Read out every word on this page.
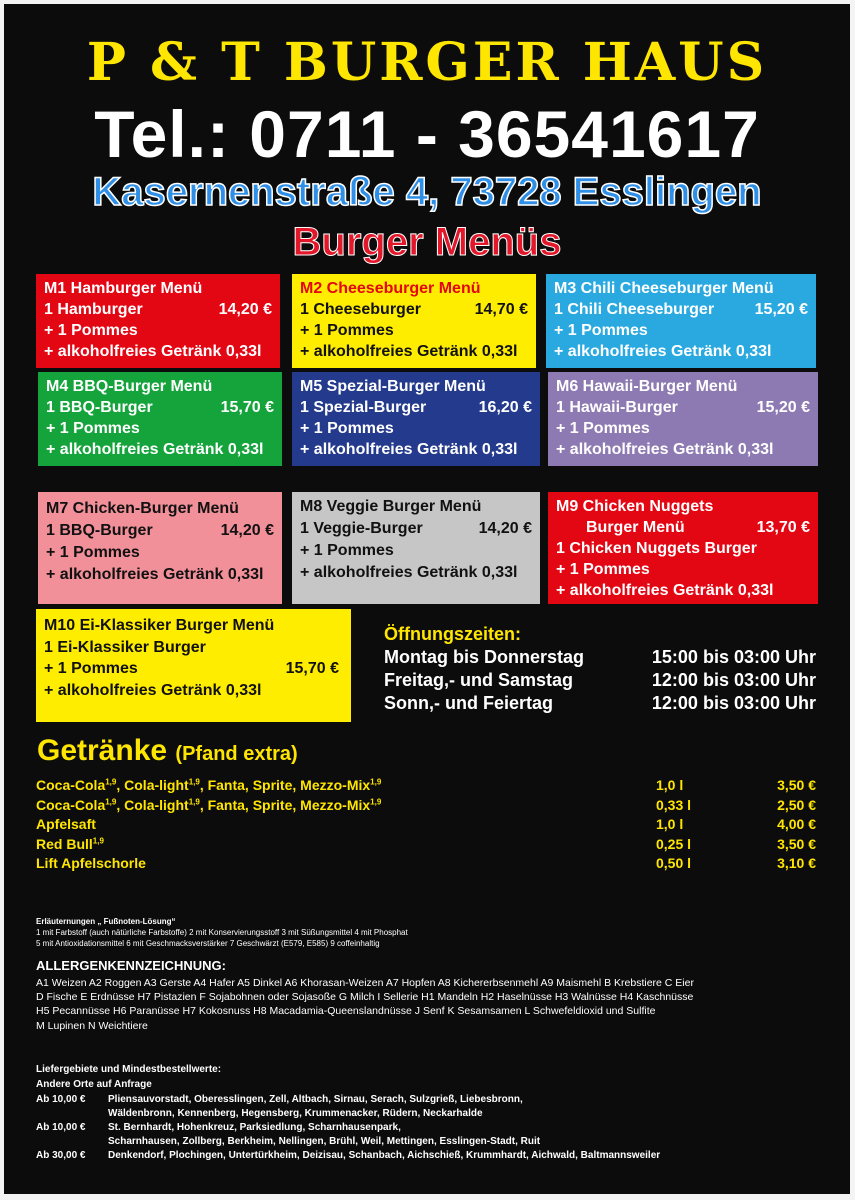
P & T BURGER HAUS
Tel.: 0711 - 36541617
Kasernenstraße 4, 73728 Esslingen
Burger Menüs
M1 Hamburger Menü
1 Hamburger	14,20 €
+ 1 Pommes
+ alkoholfreies Getränk 0,33l
M2 Cheeseburger Menü
1 Cheeseburger	14,70 €
+ 1 Pommes
+ alkoholfreies Getränk 0,33l
M3 Chili Cheeseburger Menü
1 Chili Cheeseburger	15,20 €
+ 1 Pommes
+ alkoholfreies Getränk 0,33l
M4 BBQ-Burger Menü
1 BBQ-Burger	15,70 €
+ 1 Pommes
+ alkoholfreies Getränk 0,33l
M5 Spezial-Burger Menü
1 Spezial-Burger	16,20 €
+ 1 Pommes
+ alkoholfreies Getränk 0,33l
M6 Hawaii-Burger Menü
1 Hawaii-Burger	15,20 €
+ 1 Pommes
+ alkoholfreies Getränk 0,33l
M7 Chicken-Burger Menü
1 BBQ-Burger	14,20 €
+ 1 Pommes
+ alkoholfreies Getränk 0,33l
M8 Veggie Burger Menü
1 Veggie-Burger	14,20 €
+ 1 Pommes
+ alkoholfreies Getränk 0,33l
M9 Chicken Nuggets
Burger Menü	13,70 €
1 Chicken Nuggets Burger
+ 1 Pommes
+ alkoholfreies Getränk 0,33l
M10 Ei-Klassiker Burger Menü
1 Ei-Klassiker Burger
+ 1 Pommes	15,70 €
+ alkoholfreies Getränk 0,33l
Öffnungszeiten:
Montag bis Donnerstag	15:00 bis 03:00 Uhr
Freitag,- und Samstag	12:00 bis 03:00 Uhr
Sonn,- und Feiertag	12:00 bis 03:00 Uhr
Getränke (Pfand extra)
Coca-Cola$^{1,9}$, Cola-light$^{1,9}$, Fanta, Sprite, Mezzo-Mix$^{1,9}$	1,0 l	3,50 €
Coca-Cola$^{1,9}$, Cola-light$^{1,9}$, Fanta, Sprite, Mezzo-Mix$^{1,9}$	0,33 l	2,50 €
Apfelsaft	1,0 l	4,00 €
Red Bull$^{1,9}$	0,25 l	3,50 €
Lift Apfelschorle	0,50 l	3,10 €
Erläuternungen „ Fußnoten-Lösung“
1 mit Farbstoff (auch nätürliche Farbstoffe) 2 mit Konservierungsstoff 3 mit Süßungsmittel 4 mit Phosphat
5 mit Antioxidationsmittel 6 mit Geschmacksverstärker 7 Geschwärzt (E579, E585) 9 coffeinhaltig
ALLERGENKENNZEICHNUNG:
A1 Weizen A2 Roggen A3 Gerste A4 Hafer A5 Dinkel A6 Khorasan-Weizen A7 Hopfen A8 Kichererbsenmehl A9 Maismehl B Krebstiere C Eier
D Fische E Erdnüsse H7 Pistazien F Sojabohnen oder Sojasoße G Milch I Sellerie H1 Mandeln H2 Haselnüsse H3 Walnüsse H4 Kaschnüsse
H5 Pecannüsse H6 Paranüsse H7 Kokosnuss H8 Macadamia-Queenslandnüsse J Senf K Sesamsamen L Schwefeldioxid und Sulfite
M Lupinen N Weichtiere
Liefergebiete und Mindestbestellwerte:
Andere Orte auf Anfrage
Ab 10,00 €	Pliensauvorstadt, Oberesslingen, Zell, Altbach, Sirnau, Serach, Sulzgrieß, Liebesbronn,
Wäldenbronn, Kennenberg, Hegensberg, Krummenacker, Rüdern, Neckarhalde
Ab 10,00 €	St. Bernhardt, Hohenkreuz, Parksiedlung, Scharnhausenpark,
Scharnhausen, Zollberg, Berkheim, Nellingen, Brühl, Weil, Mettingen, Esslingen-Stadt, Ruit
Ab 30,00 €	Denkendorf, Plochingen, Untertürkheim, Deizisau, Schanbach, Aichschieß, Krummhardt, Aichwald, Baltmannsweiler
